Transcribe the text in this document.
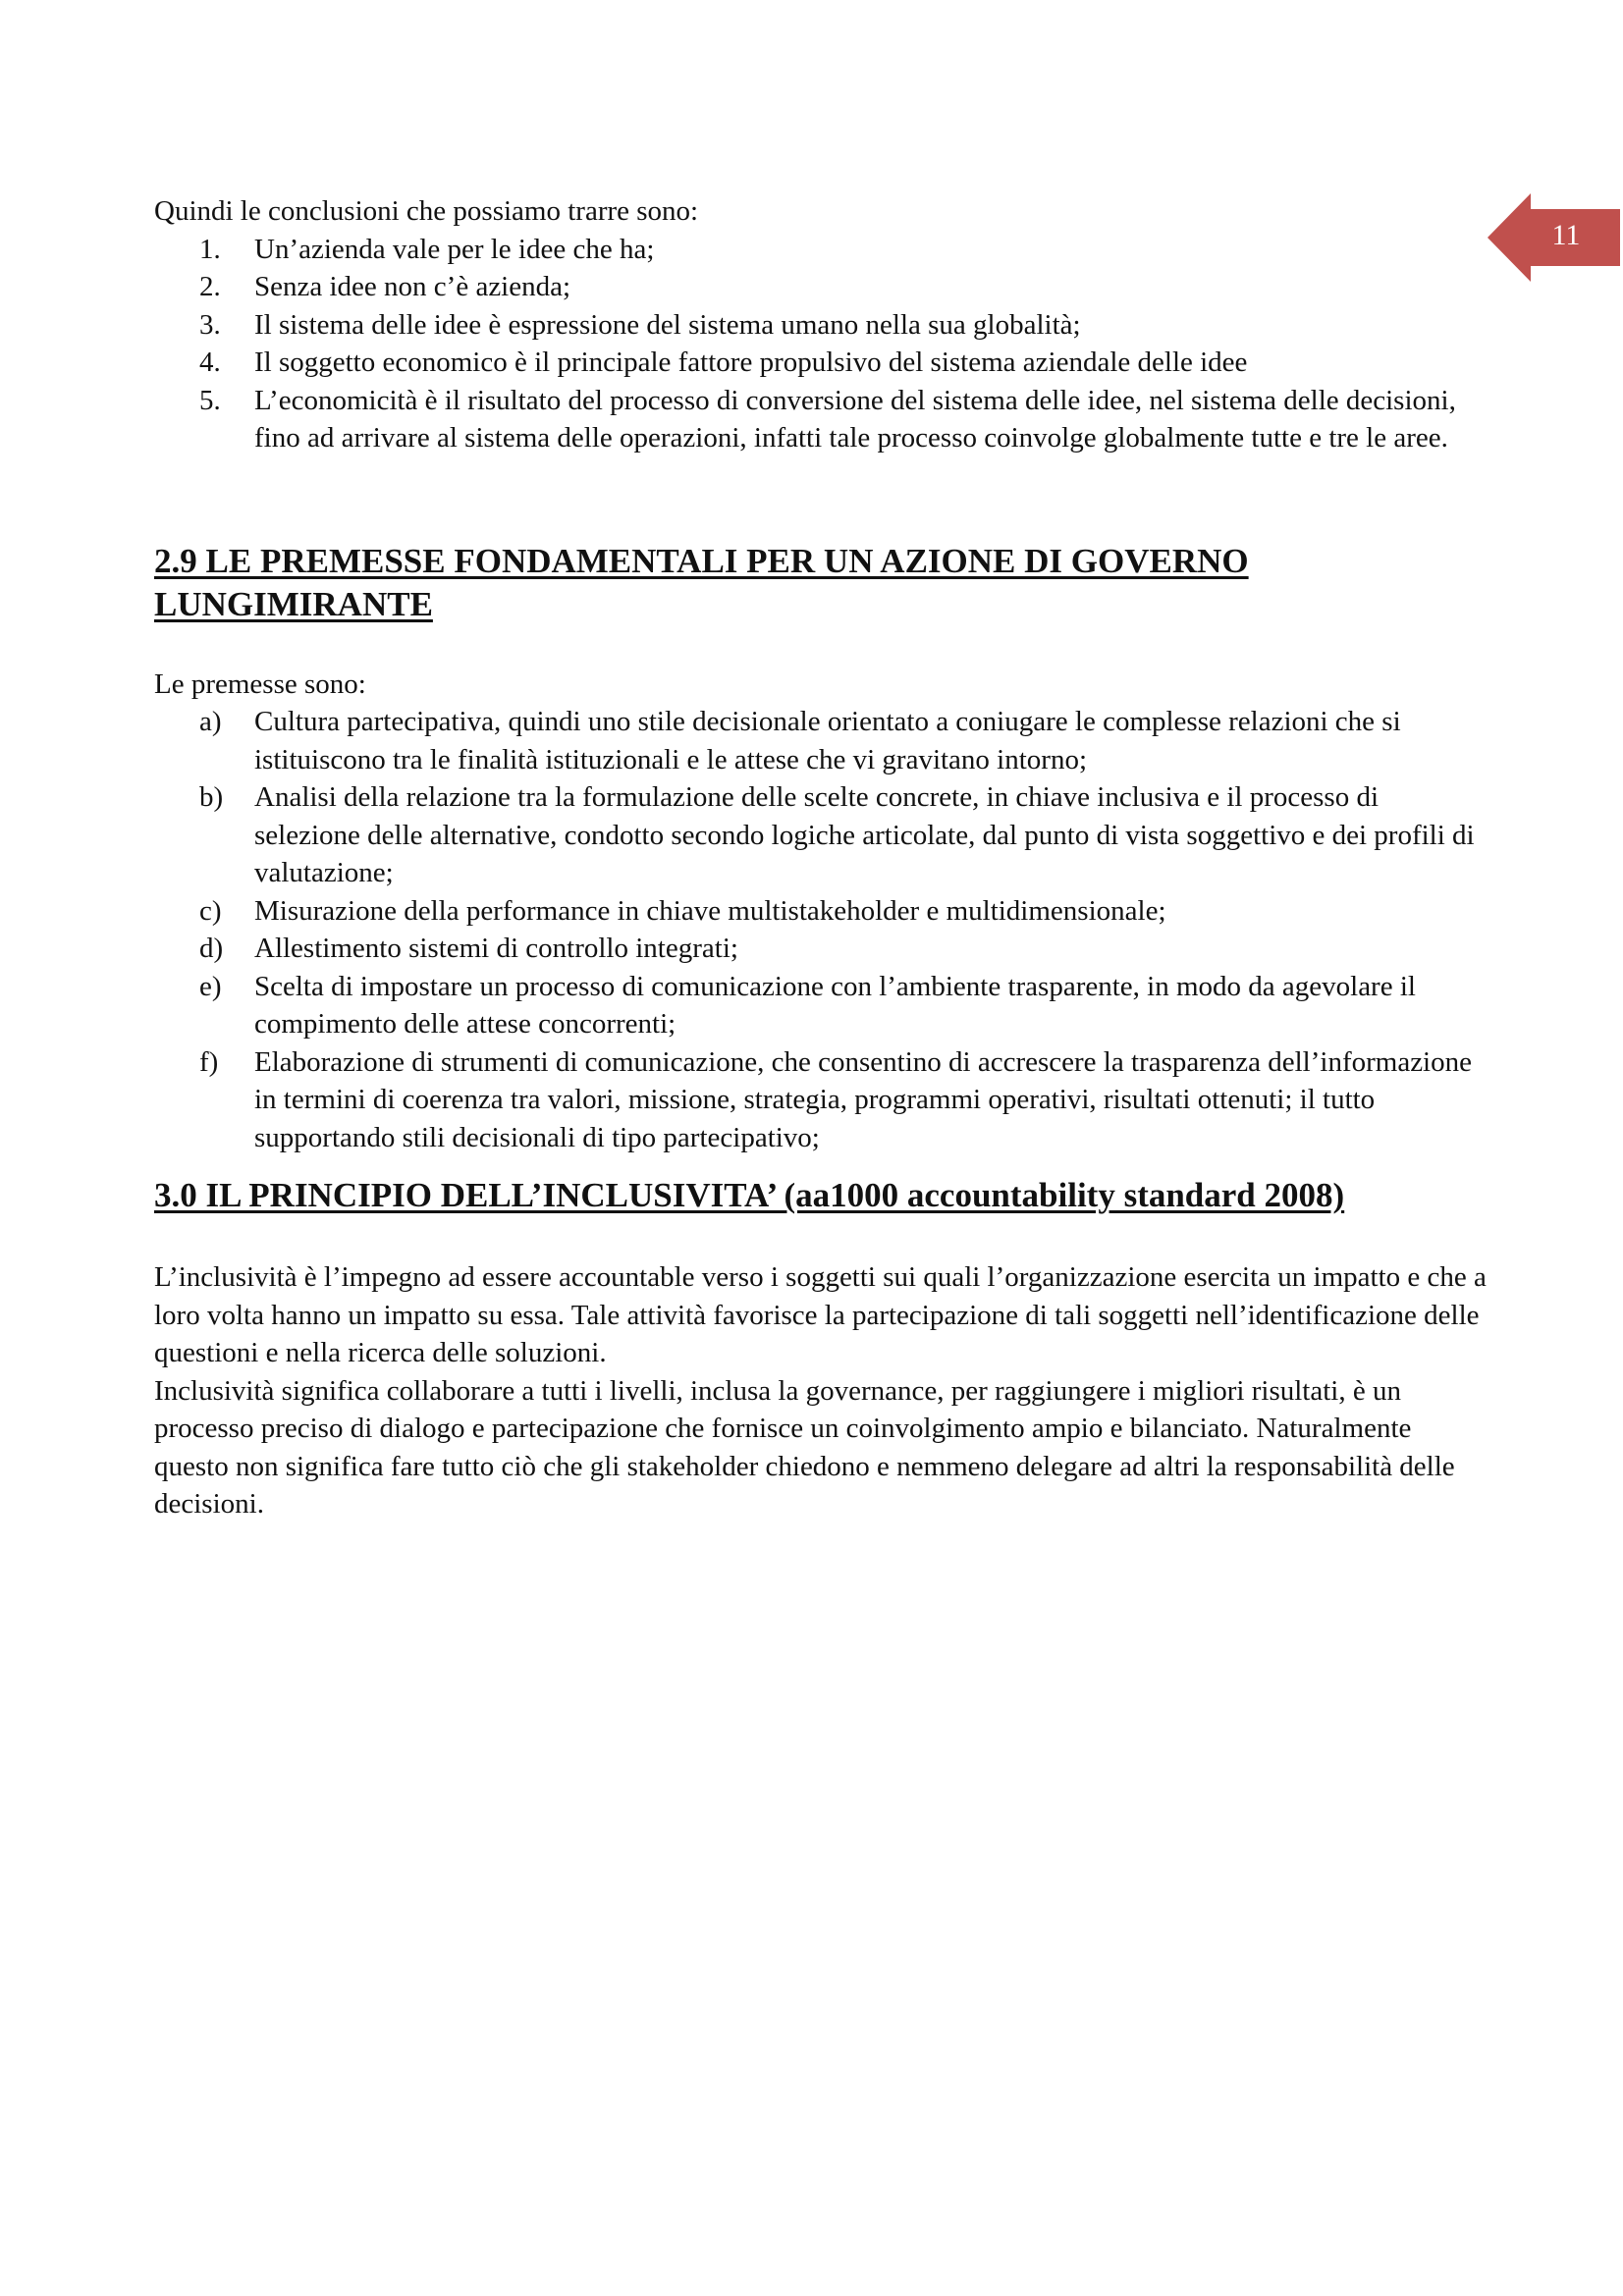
11

Quindi le conclusioni che possiamo trarre sono:

1.	Un’azienda vale per le idee che ha;
2.	Senza idee non c’è azienda;
3.	Il sistema delle idee è espressione del sistema umano nella sua globalità;
4.	Il soggetto economico è il principale fattore propulsivo del sistema aziendale delle idee
5.	L’economicità è il risultato del processo di conversione del sistema delle idee, nel sistema delle decisioni, fino ad arrivare al sistema delle operazioni, infatti tale processo coinvolge globalmente tutte e tre le aree.
2.9 LE PREMESSE FONDAMENTALI PER UN AZIONE DI GOVERNO LUNGIMIRANTE

Le premesse sono:

a)	Cultura partecipativa, quindi uno stile decisionale orientato a coniugare le complesse relazioni che si istituiscono tra le finalità istituzionali e le attese che vi gravitano intorno;
b)	Analisi della relazione tra la formulazione delle scelte concrete, in chiave inclusiva e il processo di selezione delle alternative, condotto secondo logiche articolate, dal punto di vista soggettivo e dei profili di valutazione;
c)	Misurazione della performance in chiave multistakeholder e multidimensionale;
d)	Allestimento sistemi di controllo integrati;
e)	Scelta di impostare un processo di comunicazione con l’ambiente trasparente, in modo da agevolare il compimento delle attese concorrenti;
f)	Elaborazione di strumenti di comunicazione, che consentino di accrescere la trasparenza dell’informazione in termini di coerenza tra valori, missione, strategia, programmi operativi, risultati ottenuti; il tutto supportando stili decisionali di tipo partecipativo;
3.0 IL PRINCIPIO DELL’INCLUSIVITA’ (aa1000 accountability standard 2008)

L’inclusività è l’impegno ad essere accountable verso i soggetti sui quali l’organizzazione esercita un impatto e che a loro volta hanno un impatto su essa. Tale attività favorisce la partecipazione di tali soggetti nell’identificazione delle questioni e nella ricerca delle soluzioni.

Inclusività significa collaborare a tutti i livelli, inclusa la governance, per raggiungere i migliori risultati, è un processo preciso di dialogo e partecipazione che fornisce un coinvolgimento ampio e bilanciato. Naturalmente questo non significa fare tutto ciò che gli stakeholder chiedono e nemmeno delegare ad altri la responsabilità delle decisioni.
